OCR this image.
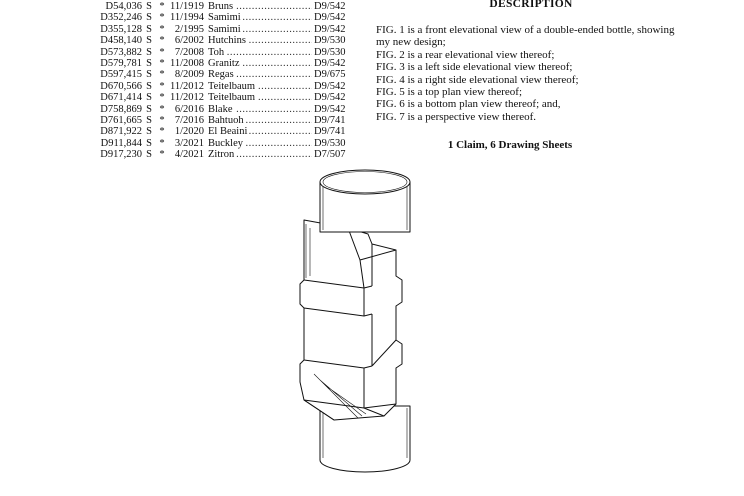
D54,036 S * 11/1919 Bruns .....	D9/542
D352,246 S * 11/1994 Samimi .....	D9/542
D355,128 S * 2/1995 Samimi .....	D9/542
D458,140 S * 6/2002 Hutchins .....	D9/530
D573,882 S * 7/2008 Toh .....	D9/530
D579,781 S * 11/2008 Granitz .....	D9/542
D597,415 S * 8/2009 Regas .....	D9/675
D670,566 S * 11/2012 Teitelbaum .....	D9/542
D671,414 S * 11/2012 Teitelbaum .....	D9/542
D758,869 S * 6/2016 Blake .....	D9/542
D761,665 S * 7/2016 Bahtuoh .....	D9/741
D871,922 S * 1/2020 El Beaini .....	D9/741
D911,844 S * 3/2021 Buckley .....	D9/530
D917,230 S * 4/2021 Zitron .....	D7/507
DESCRIPTION

FIG. 1 is a front elevational view of a double-ended bottle, showing my new design;

FIG. 2 is a rear elevational view thereof;

FIG. 3 is a left side elevational view thereof;

FIG. 4 is a right side elevational view thereof;

FIG. 5 is a top plan view thereof;

FIG. 6 is a bottom plan view thereof; and,

FIG. 7 is a perspective view thereof.

1 Claim, 6 Drawing Sheets
